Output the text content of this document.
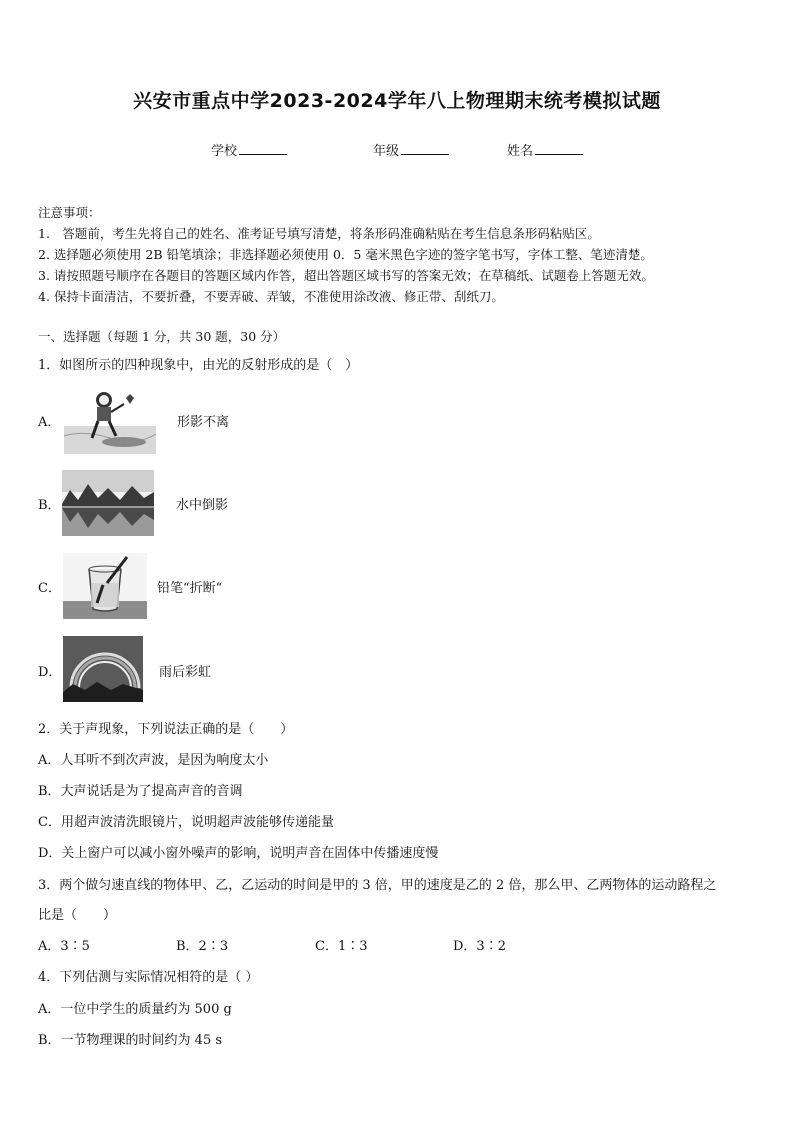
兴安市重点中学2023-2024学年八上物理期末统考模拟试题
学校	年级	姓名
注意事项：
1.　答题前，考生先将自己的姓名、准考证号填写清楚，将条形码准确粘贴在考生信息条形码粘贴区。
2. 选择题必须使用 2B 铅笔填涂；非选择题必须使用 0．5 毫米黑色字迹的签字笔书写，字体工整、笔迹清楚。
3. 请按照题号顺序在各题目的答题区域内作答，超出答题区域书写的答案无效；在草稿纸、试题卷上答题无效。
4. 保持卡面清洁，不要折叠，不要弄破、弄皱，不准使用涂改液、修正带、刮纸刀。
一、选择题（每题 1 分，共 30 题，30 分）
1．如图所示的四种现象中，由光的反射形成的是（　）
A．	形影不离
B．	水中倒影
C．	铅笔“折断“
D．	雨后彩虹
2．关于声现象，下列说法正确的是（　　）
A．人耳听不到次声波，是因为响度太小
B．大声说话是为了提高声音的音调
C．用超声波清洗眼镜片，说明超声波能够传递能量
D．关上窗户可以减小窗外噪声的影响，说明声音在固体中传播速度慢
3．两个做匀速直线的物体甲、乙，乙运动的时间是甲的 3 倍，甲的速度是乙的 2 倍，那么甲、乙两物体的运动路程之
比是（　　）
A．3∶5	B．2∶3	C．1∶3	D．3∶2
4．下列估测与实际情况相符的是（ ）
A．一位中学生的质量约为 500 g
B．一节物理课的时间约为 45 s
